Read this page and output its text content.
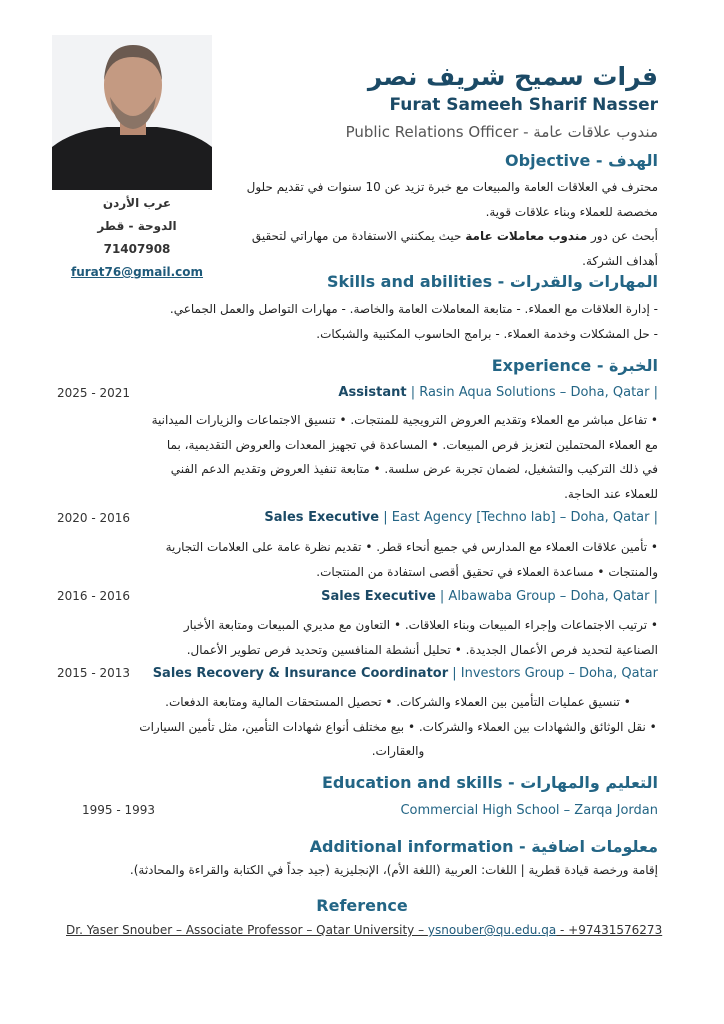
عرب الأردن
الدوحة - قطر
71407908
furat76@gmail.com
فرات سميح شريف نصر
Furat Sameeh Sharif Nasser
مندوب علاقات عامة - Public Relations Officer
الهدف - Objective
محترف في العلاقات العامة والمبيعات مع خبرة تزيد عن 10 سنوات في تقديم حلول مخصصة للعملاء وبناء علاقات قوية.
أبحث عن دور مندوب معاملات عامة حيث يمكنني الاستفادة من مهاراتي لتحقيق أهداف الشركة.
المهارات والقدرات - Skills and abilities
- إدارة العلاقات مع العملاء. - متابعة المعاملات العامة والخاصة. - مهارات التواصل والعمل الجماعي.
- حل المشكلات وخدمة العملاء. - برامج الحاسوب المكتبية والشبكات.
الخبرة - Experience
2025 - 2021	Assistant | Rasin Aqua Solutions – Doha, Qatar |
• تفاعل مباشر مع العملاء وتقديم العروض الترويجية للمنتجات. • تنسيق الاجتماعات والزيارات الميدانية مع العملاء المحتملين لتعزيز فرص المبيعات. • المساعدة في تجهيز المعدات والعروض التقديمية، بما في ذلك التركيب والتشغيل، لضمان تجربة عرض سلسة. • متابعة تنفيذ العروض وتقديم الدعم الفني للعملاء عند الحاجة.
2020 - 2016	Sales Executive | East Agency [Techno lab] – Doha, Qatar |
• تأمين علاقات العملاء مع المدارس في جميع أنحاء قطر. • تقديم نظرة عامة على العلامات التجارية والمنتجات • مساعدة العملاء في تحقيق أقصى استفادة من المنتجات.
2016 - 2016	Sales Executive | Albawaba Group – Doha, Qatar |
• ترتيب الاجتماعات وإجراء المبيعات وبناء العلاقات. • التعاون مع مديري المبيعات ومتابعة الأخبار الصناعية لتحديد فرص الأعمال الجديدة. • تحليل أنشطة المنافسين وتحديد فرص تطوير الأعمال.
2015 - 2013 Sales Recovery & Insurance Coordinator | Investors Group – Doha, Qatar
• تنسيق عمليات التأمين بين العملاء والشركات. • تحصيل المستحقات المالية ومتابعة الدفعات.
• نقل الوثائق والشهادات بين العملاء والشركات. • بيع مختلف أنواع شهادات التأمين، مثل تأمين السيارات والعقارات.
التعليم والمهارات - Education and skills
1995 - 1993	Commercial High School – Zarqa Jordan
معلومات اضافية - Additional information
إقامة ورخصة قيادة قطرية | اللغات: العربية (اللغة الأم)، الإنجليزية (جيد جداً في الكتابة والقراءة والمحادثة).
Reference
Dr. Yaser Snouber – Associate Professor – Qatar University – ysnouber@qu.edu.qa - +97431576273
